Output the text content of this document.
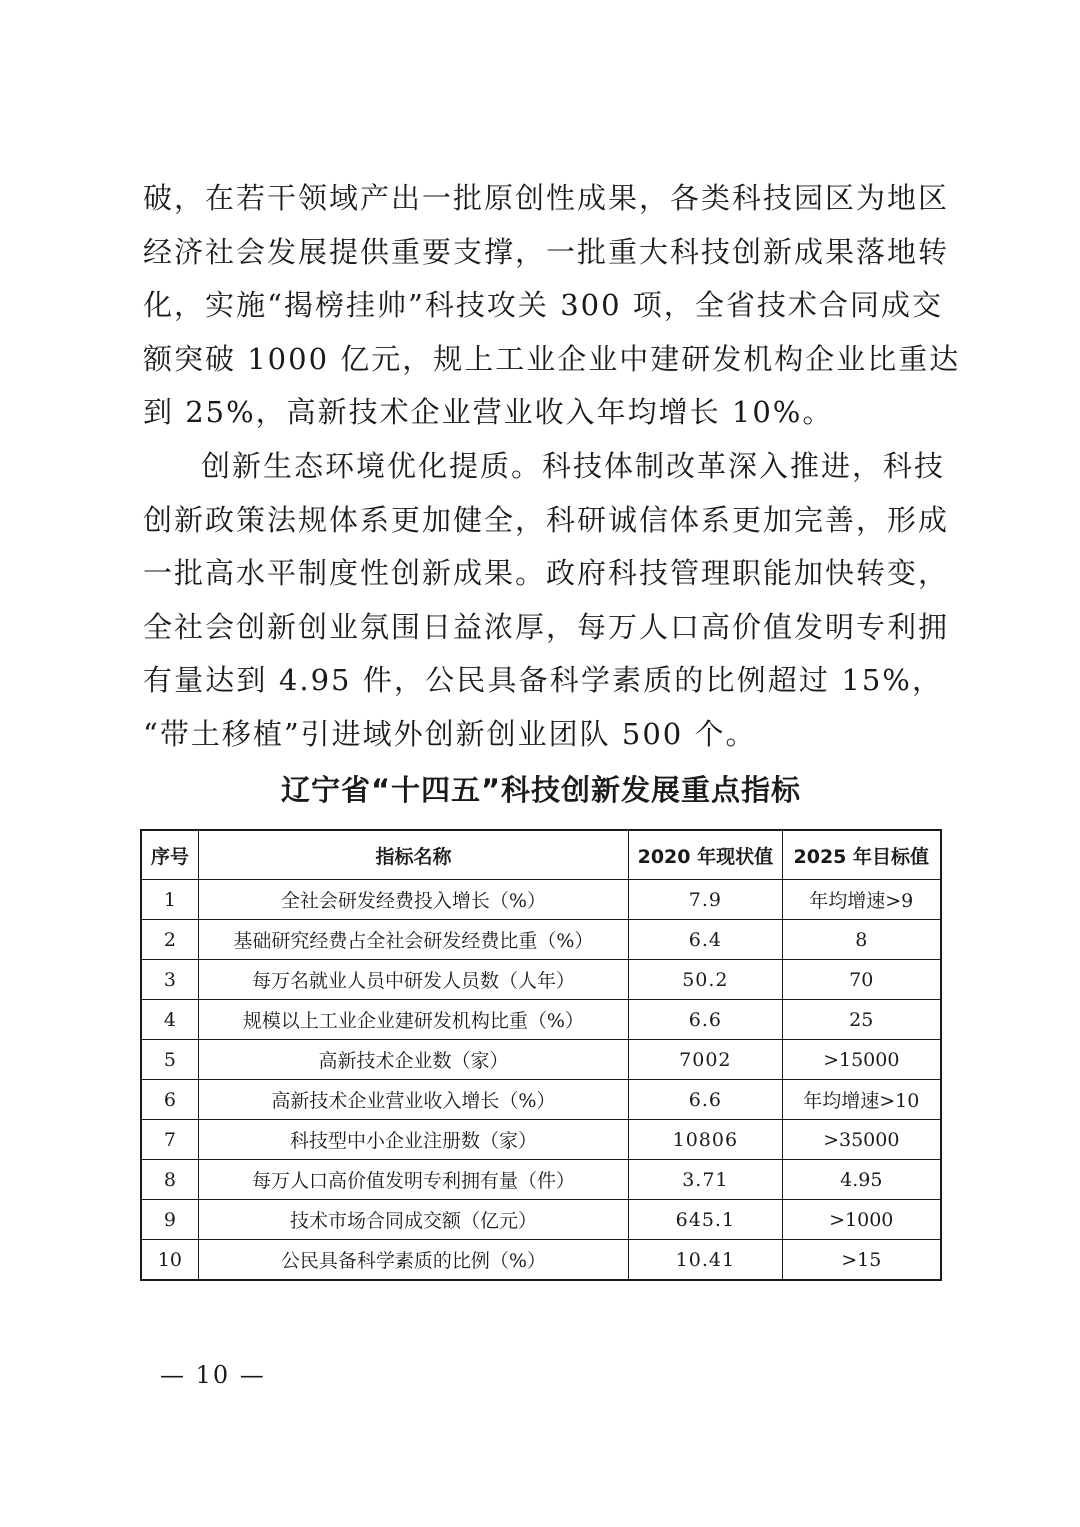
破，在若干领域产出一批原创性成果，各类科技园区为地区
经济社会发展提供重要支撑，一批重大科技创新成果落地转
化，实施“揭榜挂帅”科技攻关 300 项，全省技术合同成交
额突破 1000 亿元，规上工业企业中建研发机构企业比重达
到 25%，高新技术企业营业收入年均增长 10%。

创新生态环境优化提质。科技体制改革深入推进，科技
创新政策法规体系更加健全，科研诚信体系更加完善，形成
一批高水平制度性创新成果。政府科技管理职能加快转变，
全社会创新创业氛围日益浓厚，每万人口高价值发明专利拥
有量达到 4.95 件，公民具备科学素质的比例超过 15%，
“带土移植”引进域外创新创业团队 500 个。

辽宁省“十四五”科技创新发展重点指标
序号	指标名称	2020 年现状值	2025 年目标值
1	全社会研发经费投入增长（%）	7.9	年均增速>9
2	基础研究经费占全社会研发经费比重（%）	6.4	8
3	每万名就业人员中研发人员数（人年）	50.2	70
4	规模以上工业企业建研发机构比重（%）	6.6	25
5	高新技术企业数（家）	7002	>15000
6	高新技术企业营业收入增长（%）	6.6	年均增速>10
7	科技型中小企业注册数（家）	10806	>35000
8	每万人口高价值发明专利拥有量（件）	3.71	4.95
9	技术市场合同成交额（亿元）	645.1	>1000
10	公民具备科学素质的比例（%）	10.41	>15
— 10 —
